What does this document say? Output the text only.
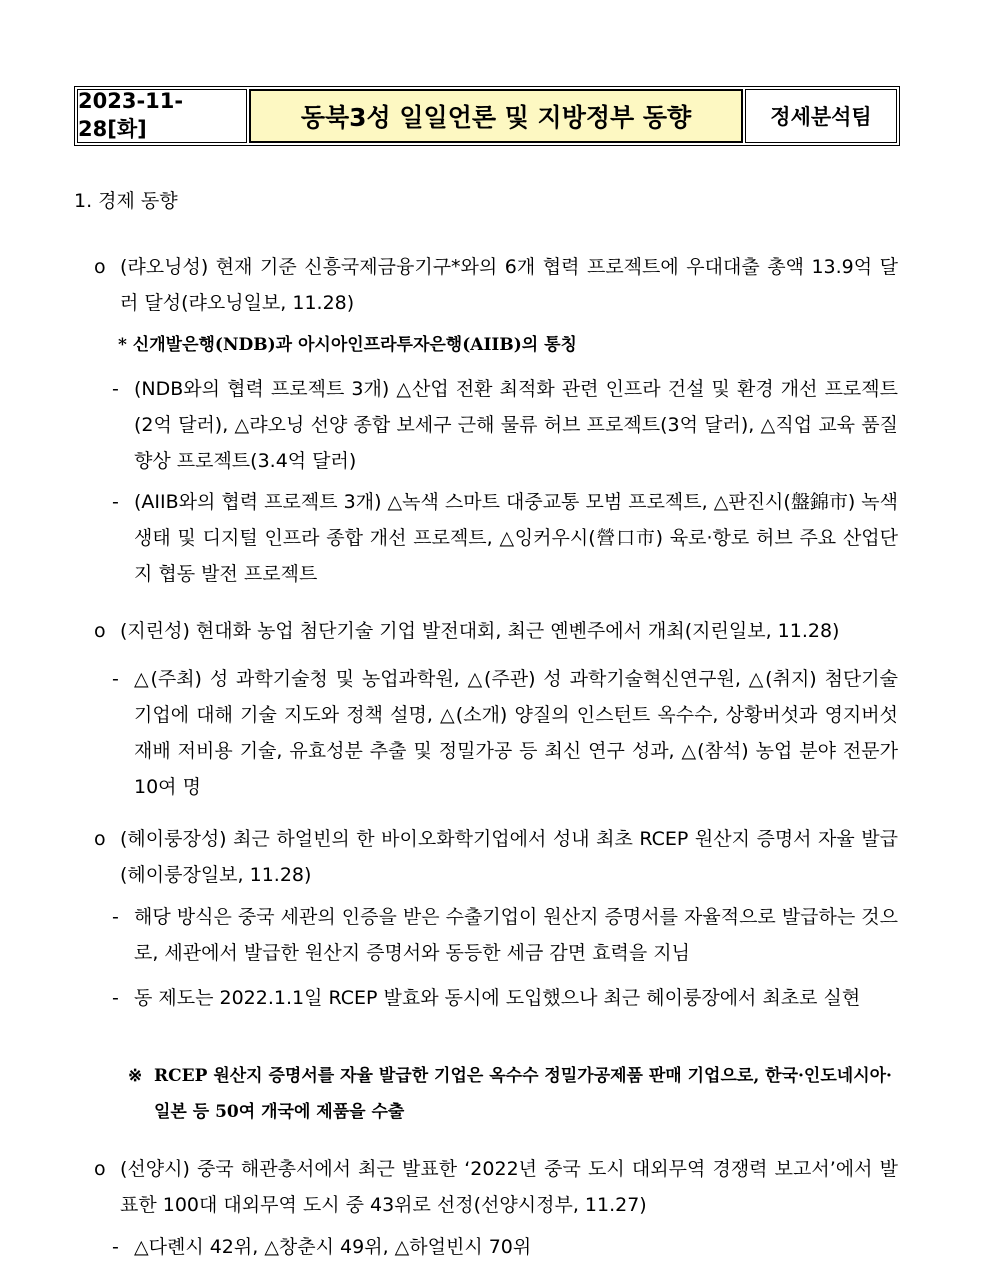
2023-11-28[화]	동북3성 일일언론 및 지방정부 동향	정세분석팀

1. 경제 동향

o (랴오닝성) 현재 기준 신흥국제금융기구*와의 6개 협력 프로젝트에 우대대출 총액 13.9억 달러 달성(랴오닝일보, 11.28)

* 신개발은행(NDB)과 아시아인프라투자은행(AIIB)의 통칭

- (NDB와의 협력 프로젝트 3개) △산업 전환 최적화 관련 인프라 건설 및 환경 개선 프로젝트(2억 달러), △랴오닝 선양 종합 보세구 근해 물류 허브 프로젝트(3억 달러), △직업 교육 품질 향상 프로젝트(3.4억 달러)
- (AIIB와의 협력 프로젝트 3개) △녹색 스마트 대중교통 모범 프로젝트, △판진시(盤錦市) 녹색 생태 및 디지털 인프라 종합 개선 프로젝트, △잉커우시(營口市) 육로·항로 허브 주요 산업단지 협동 발전 프로젝트
o (지린성) 현대화 농업 첨단기술 기업 발전대회, 최근 옌볜주에서 개최(지린일보, 11.28)
- △(주최) 성 과학기술청 및 농업과학원, △(주관) 성 과학기술혁신연구원, △(취지) 첨단기술 기업에 대해 기술 지도와 정책 설명, △(소개) 양질의 인스턴트 옥수수, 상황버섯과 영지버섯 재배 저비용 기술, 유효성분 추출 및 정밀가공 등 최신 연구 성과, △(참석) 농업 분야 전문가 10여 명
o (헤이룽장성) 최근 하얼빈의 한 바이오화학기업에서 성내 최초 RCEP 원산지 증명서 자율 발급(헤이룽장일보, 11.28)
- 해당 방식은 중국 세관의 인증을 받은 수출기업이 원산지 증명서를 자율적으로 발급하는 것으로, 세관에서 발급한 원산지 증명서와 동등한 세금 감면 효력을 지님
- 동 제도는 2022.1.1일 RCEP 발효와 동시에 도입했으나 최근 헤이룽장에서 최초로 실현
※ RCEP 원산지 증명서를 자율 발급한 기업은 옥수수 정밀가공제품 판매 기업으로, 한국·인도네시아·일본 등 50여 개국에 제품을 수출
o (선양시) 중국 해관총서에서 최근 발표한 ‘2022년 중국 도시 대외무역 경쟁력 보고서’에서 발표한 100대 대외무역 도시 중 43위로 선정(선양시정부, 11.27)
- △다롄시 42위, △창춘시 49위, △하얼빈시 70위
